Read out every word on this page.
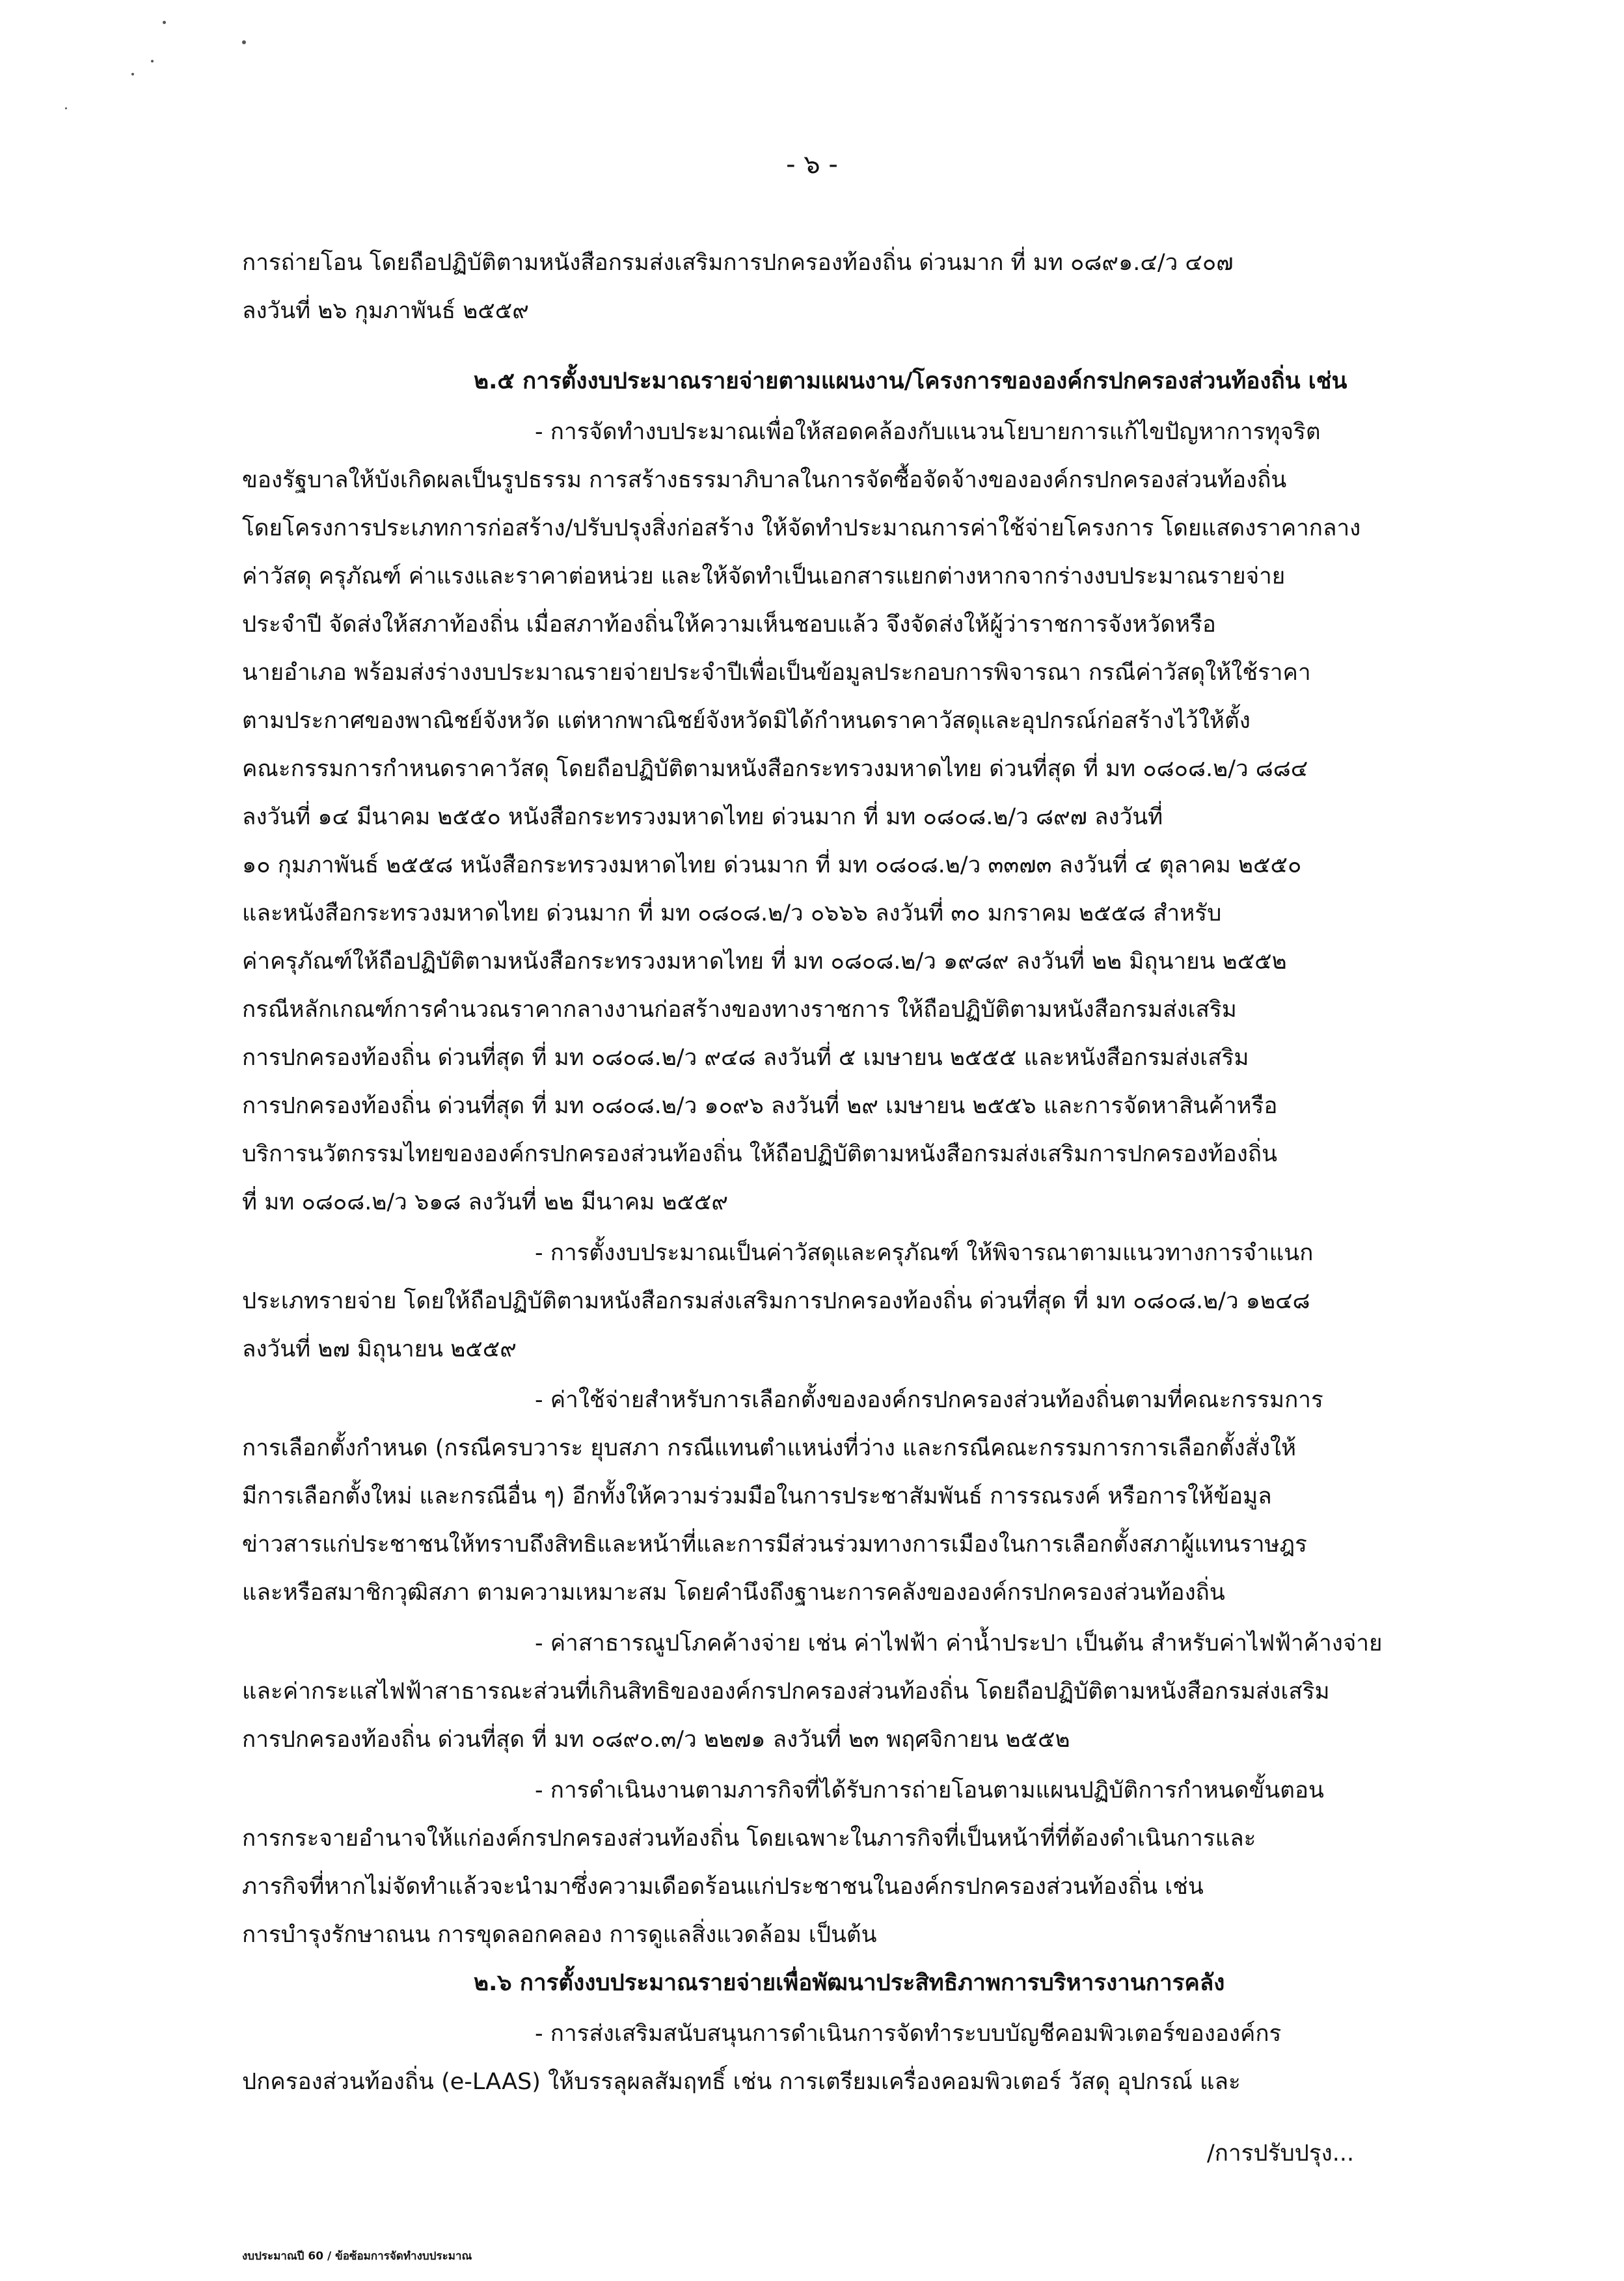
- ๖ -
การถ่ายโอน โดยถือปฏิบัติตามหนังสือกรมส่งเสริมการปกครองท้องถิ่น ด่วนมาก ที่ มท ๐๘๙๑.๔/ว ๔๐๗
ลงวันที่ ๒๖ กุมภาพันธ์ ๒๕๕๙
๒.๕ การตั้งงบประมาณรายจ่ายตามแผนงาน/โครงการขององค์กรปกครองส่วนท้องถิ่น เช่น
- การจัดทำงบประมาณเพื่อให้สอดคล้องกับแนวนโยบายการแก้ไขปัญหาการทุจริต
ของรัฐบาลให้บังเกิดผลเป็นรูปธรรม การสร้างธรรมาภิบาลในการจัดซื้อจัดจ้างขององค์กรปกครองส่วนท้องถิ่น
โดยโครงการประเภทการก่อสร้าง/ปรับปรุงสิ่งก่อสร้าง ให้จัดทำประมาณการค่าใช้จ่ายโครงการ โดยแสดงราคากลาง
ค่าวัสดุ ครุภัณฑ์ ค่าแรงและราคาต่อหน่วย และให้จัดทำเป็นเอกสารแยกต่างหากจากร่างงบประมาณรายจ่าย
ประจำปี จัดส่งให้สภาท้องถิ่น เมื่อสภาท้องถิ่นให้ความเห็นชอบแล้ว จึงจัดส่งให้ผู้ว่าราชการจังหวัดหรือ
นายอำเภอ พร้อมส่งร่างงบประมาณรายจ่ายประจำปีเพื่อเป็นข้อมูลประกอบการพิจารณา กรณีค่าวัสดุให้ใช้ราคา
ตามประกาศของพาณิชย์จังหวัด แต่หากพาณิชย์จังหวัดมิได้กำหนดราคาวัสดุและอุปกรณ์ก่อสร้างไว้ให้ตั้ง
คณะกรรมการกำหนดราคาวัสดุ โดยถือปฏิบัติตามหนังสือกระทรวงมหาดไทย ด่วนที่สุด ที่ มท ๐๘๐๘.๒/ว ๘๘๔
ลงวันที่ ๑๔ มีนาคม ๒๕๕๐ หนังสือกระทรวงมหาดไทย ด่วนมาก ที่ มท ๐๘๐๘.๒/ว ๘๙๗ ลงวันที่
๑๐ กุมภาพันธ์ ๒๕๕๘ หนังสือกระทรวงมหาดไทย ด่วนมาก ที่ มท ๐๘๐๘.๒/ว ๓๓๗๓ ลงวันที่ ๔ ตุลาคม ๒๕๕๐
และหนังสือกระทรวงมหาดไทย ด่วนมาก ที่ มท ๐๘๐๘.๒/ว ๐๖๖๖ ลงวันที่ ๓๐ มกราคม ๒๕๕๘ สำหรับ
ค่าครุภัณฑ์ให้ถือปฏิบัติตามหนังสือกระทรวงมหาดไทย ที่ มท ๐๘๐๘.๒/ว ๑๙๘๙ ลงวันที่ ๒๒ มิถุนายน ๒๕๕๒
กรณีหลักเกณฑ์การคำนวณราคากลางงานก่อสร้างของทางราชการ ให้ถือปฏิบัติตามหนังสือกรมส่งเสริม
การปกครองท้องถิ่น ด่วนที่สุด ที่ มท ๐๘๐๘.๒/ว ๙๔๘ ลงวันที่ ๕ เมษายน ๒๕๕๕ และหนังสือกรมส่งเสริม
การปกครองท้องถิ่น ด่วนที่สุด ที่ มท ๐๘๐๘.๒/ว ๑๐๙๖ ลงวันที่ ๒๙ เมษายน ๒๕๕๖ และการจัดหาสินค้าหรือ
บริการนวัตกรรมไทยขององค์กรปกครองส่วนท้องถิ่น ให้ถือปฏิบัติตามหนังสือกรมส่งเสริมการปกครองท้องถิ่น
ที่ มท ๐๘๐๘.๒/ว ๖๑๘ ลงวันที่ ๒๒ มีนาคม ๒๕๕๙
- การตั้งงบประมาณเป็นค่าวัสดุและครุภัณฑ์ ให้พิจารณาตามแนวทางการจำแนก
ประเภทรายจ่าย โดยให้ถือปฏิบัติตามหนังสือกรมส่งเสริมการปกครองท้องถิ่น ด่วนที่สุด ที่ มท ๐๘๐๘.๒/ว ๑๒๔๘
ลงวันที่ ๒๗ มิถุนายน ๒๕๕๙
- ค่าใช้จ่ายสำหรับการเลือกตั้งขององค์กรปกครองส่วนท้องถิ่นตามที่คณะกรรมการ
การเลือกตั้งกำหนด (กรณีครบวาระ ยุบสภา กรณีแทนตำแหน่งที่ว่าง และกรณีคณะกรรมการการเลือกตั้งสั่งให้
มีการเลือกตั้งใหม่ และกรณีอื่น ๆ) อีกทั้งให้ความร่วมมือในการประชาสัมพันธ์ การรณรงค์ หรือการให้ข้อมูล
ข่าวสารแก่ประชาชนให้ทราบถึงสิทธิและหน้าที่และการมีส่วนร่วมทางการเมืองในการเลือกตั้งสภาผู้แทนราษฎร
และหรือสมาชิกวุฒิสภา ตามความเหมาะสม โดยคำนึงถึงฐานะการคลังขององค์กรปกครองส่วนท้องถิ่น
- ค่าสาธารณูปโภคค้างจ่าย เช่น ค่าไฟฟ้า ค่าน้ำประปา เป็นต้น สำหรับค่าไฟฟ้าค้างจ่าย
และค่ากระแสไฟฟ้าสาธารณะส่วนที่เกินสิทธิขององค์กรปกครองส่วนท้องถิ่น โดยถือปฏิบัติตามหนังสือกรมส่งเสริม
การปกครองท้องถิ่น ด่วนที่สุด ที่ มท ๐๘๙๐.๓/ว ๒๒๗๑ ลงวันที่ ๒๓ พฤศจิกายน ๒๕๕๒
- การดำเนินงานตามภารกิจที่ได้รับการถ่ายโอนตามแผนปฏิบัติการกำหนดขั้นตอน
การกระจายอำนาจให้แก่องค์กรปกครองส่วนท้องถิ่น โดยเฉพาะในภารกิจที่เป็นหน้าที่ที่ต้องดำเนินการและ
ภารกิจที่หากไม่จัดทำแล้วจะนำมาซึ่งความเดือดร้อนแก่ประชาชนในองค์กรปกครองส่วนท้องถิ่น เช่น
การบำรุงรักษาถนน การขุดลอกคลอง การดูแลสิ่งแวดล้อม เป็นต้น
๒.๖ การตั้งงบประมาณรายจ่ายเพื่อพัฒนาประสิทธิภาพการบริหารงานการคลัง
- การส่งเสริมสนับสนุนการดำเนินการจัดทำระบบบัญชีคอมพิวเตอร์ขององค์กร
ปกครองส่วนท้องถิ่น (e-LAAS) ให้บรรลุผลสัมฤทธิ์ เช่น การเตรียมเครื่องคอมพิวเตอร์ วัสดุ อุปกรณ์ และ
/การปรับปรุง...
งบประมาณปี 60 / ข้อซ้อมการจัดทำงบประมาณ
